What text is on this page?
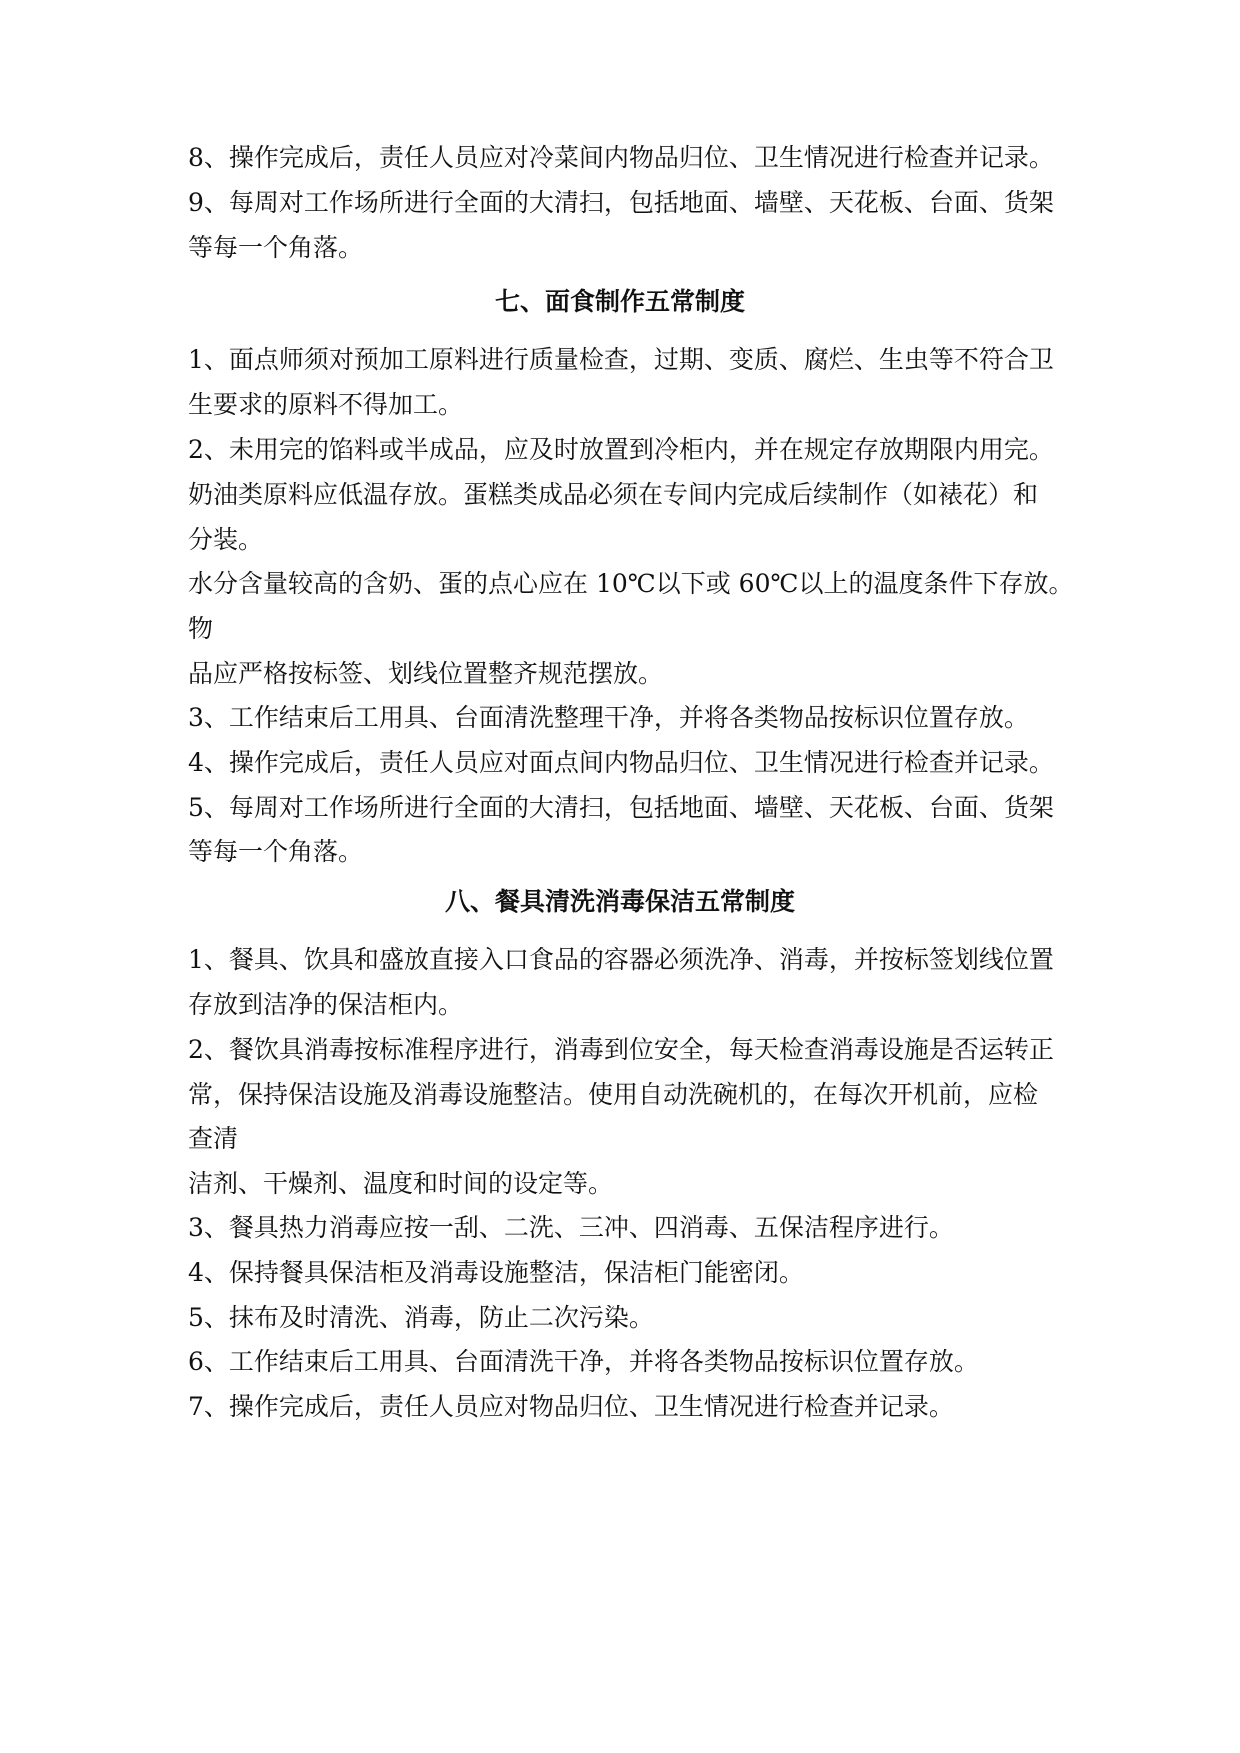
8、操作完成后，责任人员应对冷菜间内物品归位、卫生情况进行检查并记录。
9、每周对工作场所进行全面的大清扫，包括地面、墙壁、天花板、台面、货架
等每一个角落。
七、面食制作五常制度
1、面点师须对预加工原料进行质量检查，过期、变质、腐烂、生虫等不符合卫
生要求的原料不得加工。
2、未用完的馅料或半成品，应及时放置到冷柜内，并在规定存放期限内用完。
奶油类原料应低温存放。蛋糕类成品必须在专间内完成后续制作（如裱花）和
分装。
水分含量较高的含奶、蛋的点心应在 10℃以下或 60℃以上的温度条件下存放。
物
品应严格按标签、划线位置整齐规范摆放。
3、工作结束后工用具、台面清洗整理干净，并将各类物品按标识位置存放。
4、操作完成后，责任人员应对面点间内物品归位、卫生情况进行检查并记录。
5、每周对工作场所进行全面的大清扫，包括地面、墙壁、天花板、台面、货架
等每一个角落。
八、餐具清洗消毒保洁五常制度
1、餐具、饮具和盛放直接入口食品的容器必须洗净、消毒，并按标签划线位置
存放到洁净的保洁柜内。
2、餐饮具消毒按标准程序进行，消毒到位安全，每天检查消毒设施是否运转正
常，保持保洁设施及消毒设施整洁。使用自动洗碗机的，在每次开机前，应检
查清
洁剂、干燥剂、温度和时间的设定等。
3、餐具热力消毒应按一刮、二洗、三冲、四消毒、五保洁程序进行。
4、保持餐具保洁柜及消毒设施整洁，保洁柜门能密闭。
5、抹布及时清洗、消毒，防止二次污染。
6、工作结束后工用具、台面清洗干净，并将各类物品按标识位置存放。
7、操作完成后，责任人员应对物品归位、卫生情况进行检查并记录。
